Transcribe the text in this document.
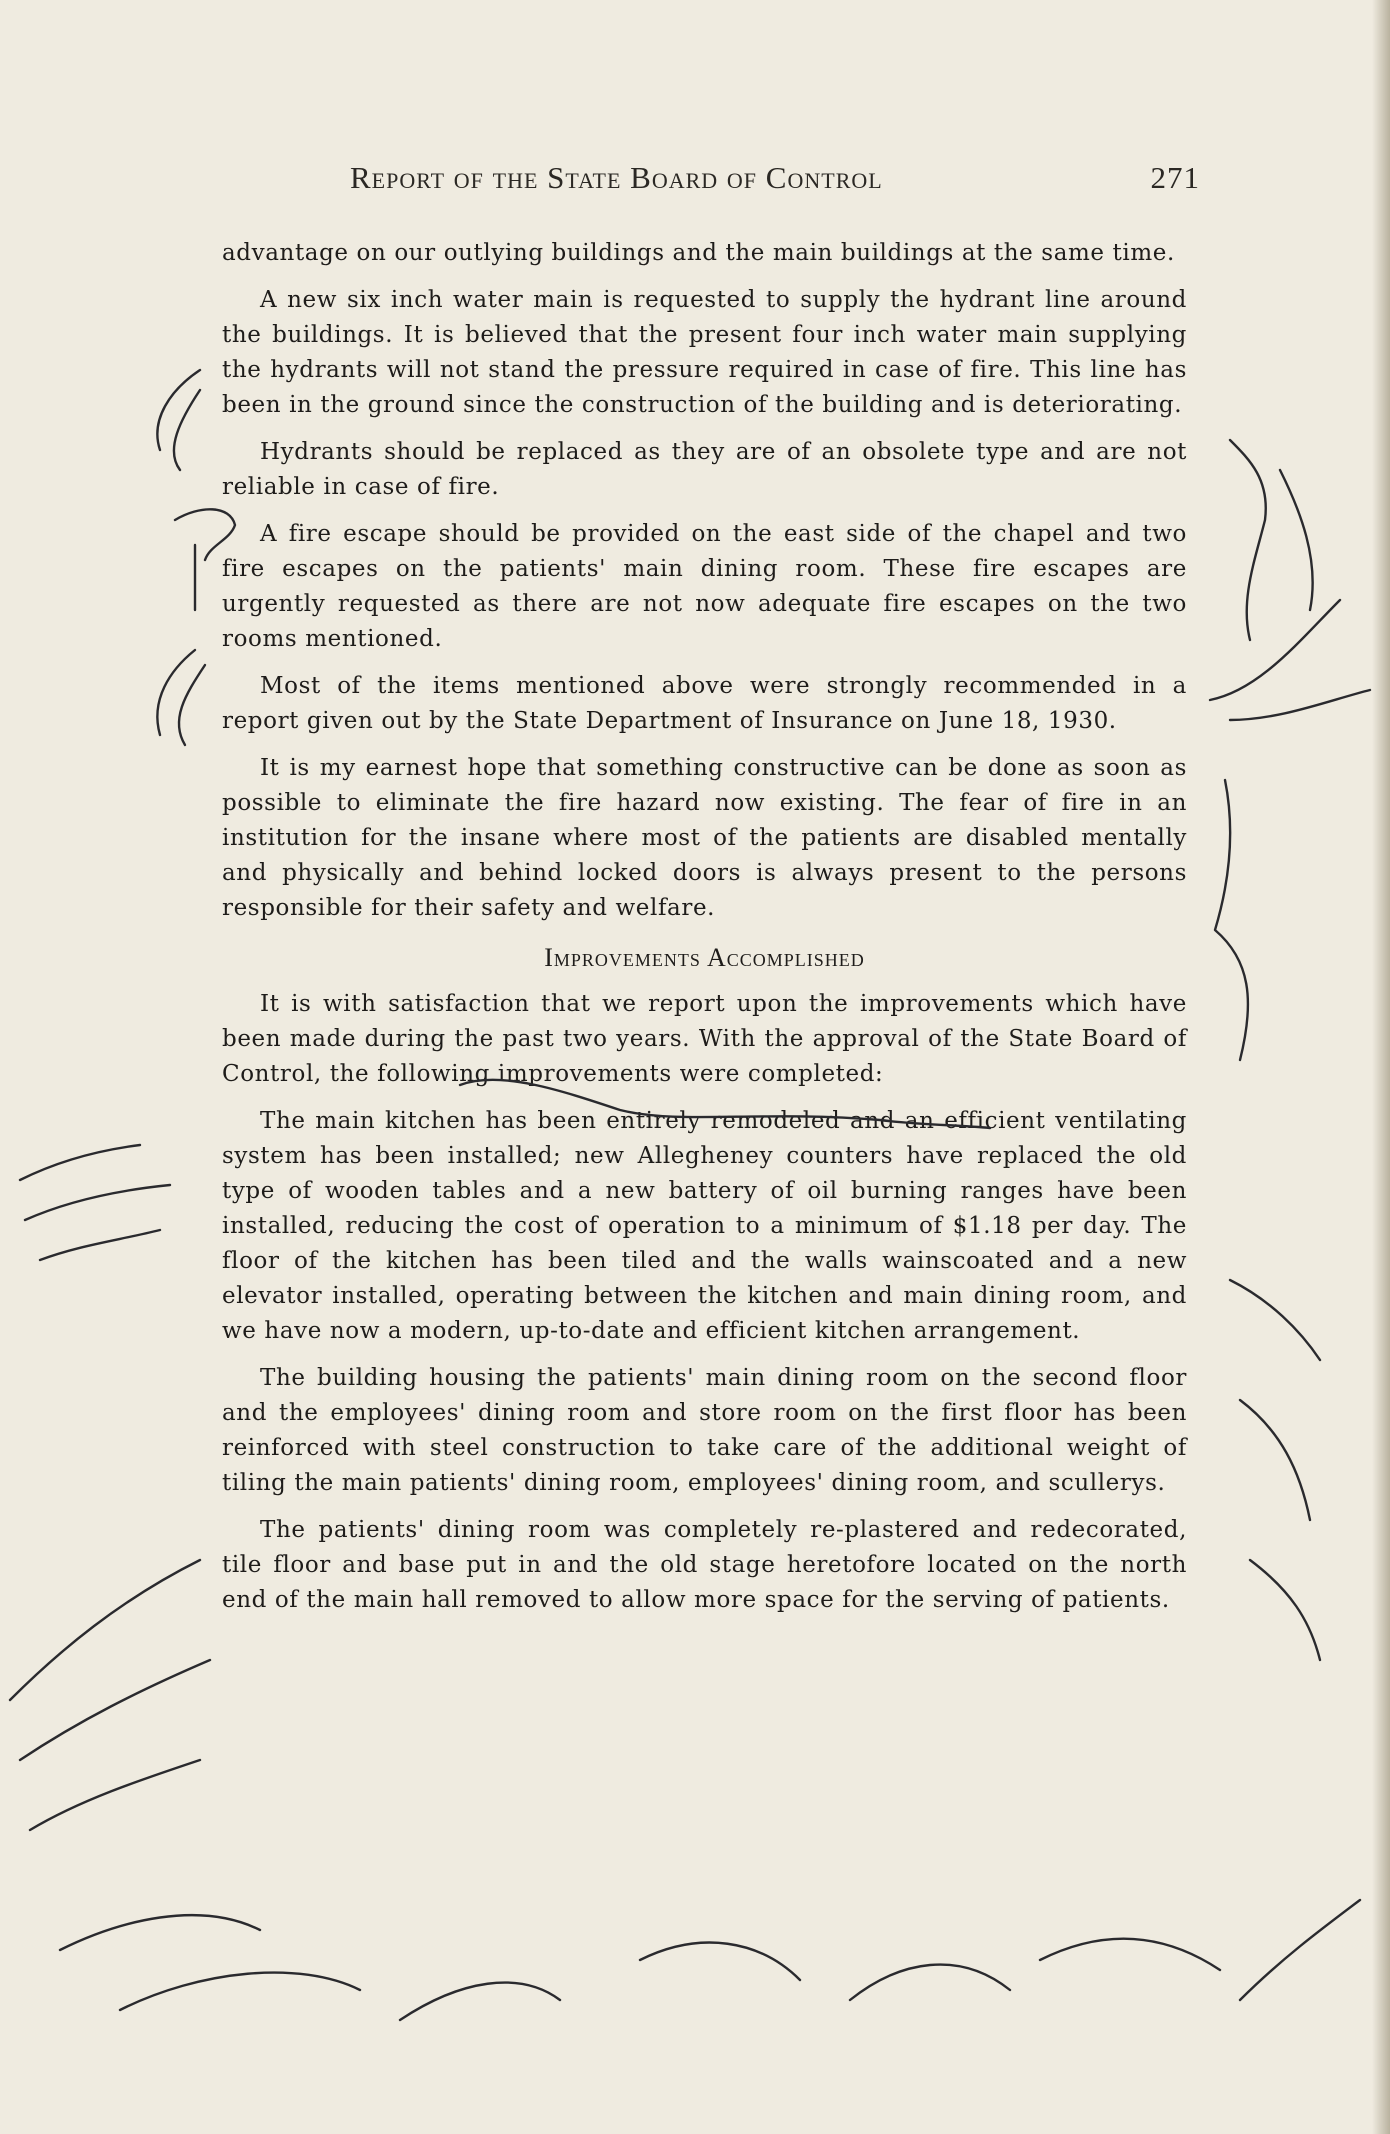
Report of the State Board of Control	271

advantage on our outlying buildings and the main buildings at the same time.

A new six inch water main is requested to supply the hydrant line around the buildings. It is believed that the present four inch water main supplying the hydrants will not stand the pressure required in case of fire. This line has been in the ground since the construction of the building and is deteriorating.

Hydrants should be replaced as they are of an obsolete type and are not reliable in case of fire.

A fire escape should be provided on the east side of the chapel and two fire escapes on the patients' main dining room. These fire escapes are urgently requested as there are not now adequate fire escapes on the two rooms mentioned.

Most of the items mentioned above were strongly recommended in a report given out by the State Department of Insurance on June 18, 1930.

It is my earnest hope that something constructive can be done as soon as possible to eliminate the fire hazard now existing. The fear of fire in an institution for the insane where most of the patients are disabled mentally and physically and behind locked doors is always present to the persons responsible for their safety and welfare.

Improvements Accomplished

It is with satisfaction that we report upon the improvements which have been made during the past two years. With the approval of the State Board of Control, the following improvements were completed:

The main kitchen has been entirely remodeled and an efficient ventilating system has been installed; new Allegheney counters have replaced the old type of wooden tables and a new battery of oil burning ranges have been installed, reducing the cost of operation to a minimum of $1.18 per day. The floor of the kitchen has been tiled and the walls wainscoated and a new elevator installed, operating between the kitchen and main dining room, and we have now a modern, up-to-date and efficient kitchen arrangement.

The building housing the patients' main dining room on the second floor and the employees' dining room and store room on the first floor has been reinforced with steel construction to take care of the additional weight of tiling the main patients' dining room, employees' dining room, and scullerys.

The patients' dining room was completely re-plastered and redecorated, tile floor and base put in and the old stage heretofore located on the north end of the main hall removed to allow more space for the serving of patients.
